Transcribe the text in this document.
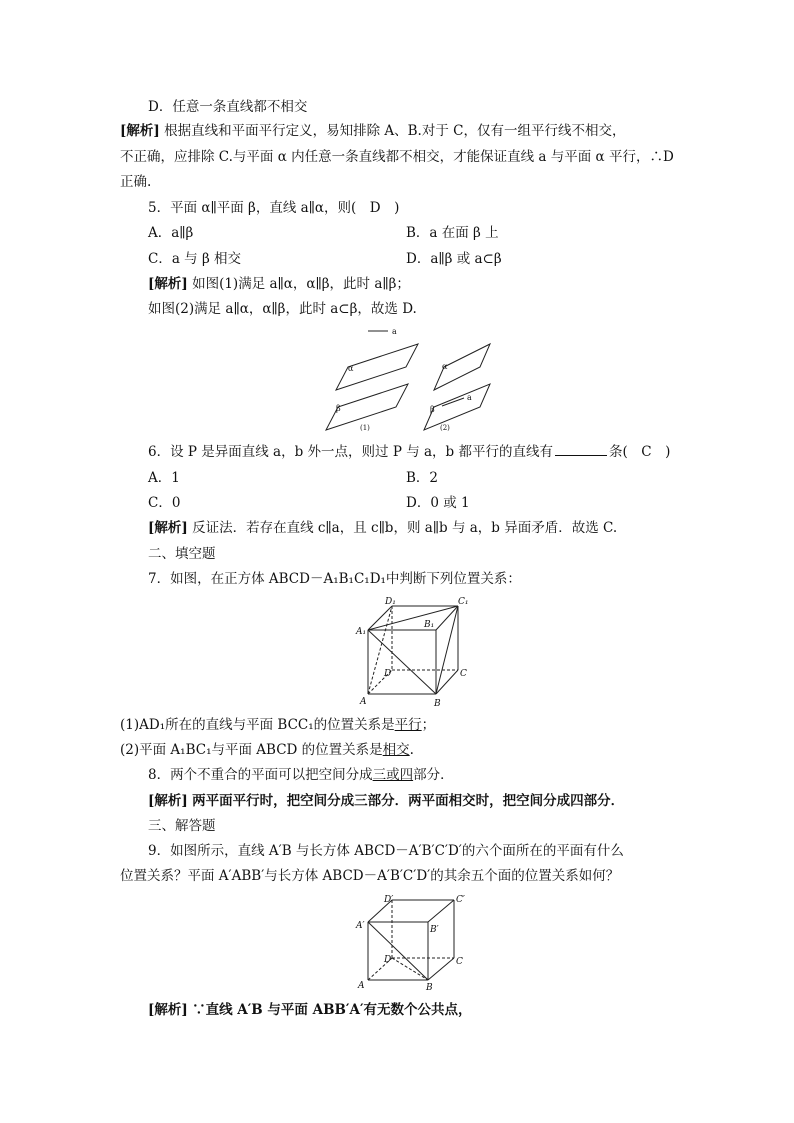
D．任意一条直线都不相交
[解析] 根据直线和平面平行定义，易知排除 A、B.对于 C，仅有一组平行线不相交，
不正确，应排除 C.与平面 α 内任意一条直线都不相交，才能保证直线 a 与平面 α 平行，∴D
正确.
5．平面 α∥平面 β，直线 a∥α，则(　D　)
A．a∥β	B．a 在面 β 上
C．a 与 β 相交	D．a∥β 或 a⊂β
[解析] 如图(1)满足 a∥α，α∥β，此时 a∥β；
如图(2)满足 a∥α，α∥β，此时 a⊂β，故选 D.
a
α
β
α
β
a
(1)	(2)
6．设 P 是异面直线 a，b 外一点，则过 P 与 a，b 都平行的直线有	条(　C　)
A．1	B．2
C．0	D．0 或 1
[解析] 反证法．若存在直线 c∥a，且 c∥b，则 a∥b 与 a，b 异面矛盾．故选 C.
二、填空题
7．如图，在正方体 ABCD－A₁B₁C₁D₁中判断下列位置关系：
D₁	C₁
A₁
B₁
D	C
A	B
(1)AD₁所在的直线与平面 BCC₁的位置关系是平行；
(2)平面 A₁BC₁与平面 ABCD 的位置关系是相交.
8．两个不重合的平面可以把空间分成三或四部分．
[解析] 两平面平行时，把空间分成三部分．两平面相交时，把空间分成四部分．
三、解答题
9．如图所示，直线 A′B 与长方体 ABCD－A′B′C′D′的六个面所在的平面有什么
位置关系？平面 A′ABB′与长方体 ABCD－A′B′C′D′的其余五个面的位置关系如何？
D′	C′
A′	B′
D	C
A	B
[解析] ∵直线 A′B 与平面 ABB′A′有无数个公共点，
